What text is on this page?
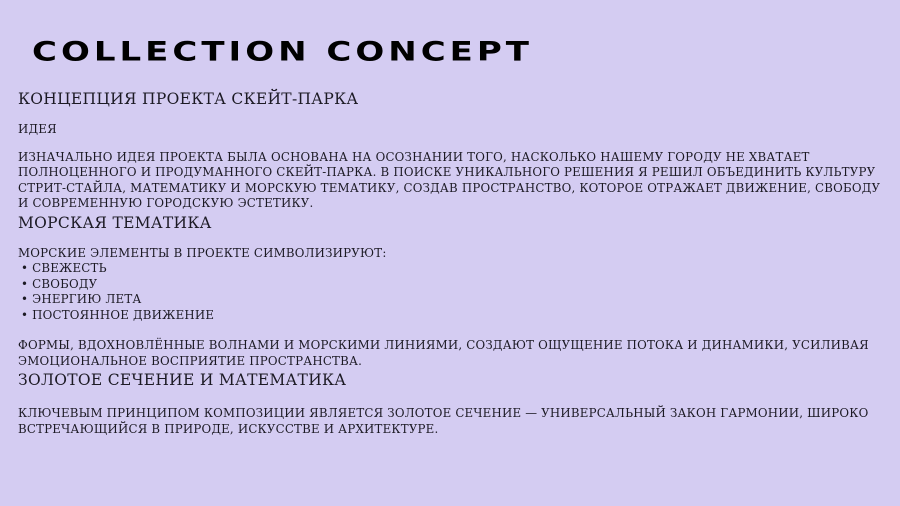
COLLECTION CONCEPT
КОНЦЕПЦИЯ ПРОЕКТА СКЕЙТ-ПАРКА

ИДЕЯ

ИЗНАЧАЛЬНО ИДЕЯ ПРОЕКТА БЫЛА ОСНОВАНА НА ОСОЗНАНИИ ТОГО, НАСКОЛЬКО НАШЕМУ ГОРОДУ НЕ ХВАТАЕТ ПОЛНОЦЕННОГО И ПРОДУМАННОГО СКЕЙТ-ПАРКА. В ПОИСКЕ УНИКАЛЬНОГО РЕШЕНИЯ Я РЕШИЛ ОБЪЕДИНИТЬ КУЛЬТУРУ СТРИТ-СТАЙЛА, МАТЕМАТИКУ И МОРСКУЮ ТЕМАТИКУ, СОЗДАВ ПРОСТРАНСТВО, КОТОРОЕ ОТРАЖАЕТ ДВИЖЕНИЕ, СВОБОДУ И СОВРЕМЕННУЮ ГОРОДСКУЮ ЭСТЕТИКУ.

МОРСКАЯ ТЕМАТИКА

МОРСКИЕ ЭЛЕМЕНТЫ В ПРОЕКТЕ СИМВОЛИЗИРУЮТ:

• СВЕЖЕСТЬ
• СВОБОДУ
• ЭНЕРГИЮ ЛЕТА
• ПОСТОЯННОЕ ДВИЖЕНИЕ

ФОРМЫ, ВДОХНОВЛЁННЫЕ ВОЛНАМИ И МОРСКИМИ ЛИНИЯМИ, СОЗДАЮТ ОЩУЩЕНИЕ ПОТОКА И ДИНАМИКИ, УСИЛИВАЯ ЭМОЦИОНАЛЬНОЕ ВОСПРИЯТИЕ ПРОСТРАНСТВА.

ЗОЛОТОЕ СЕЧЕНИЕ И МАТЕМАТИКА

КЛЮЧЕВЫМ ПРИНЦИПОМ КОМПОЗИЦИИ ЯВЛЯЕТСЯ ЗОЛОТОЕ СЕЧЕНИЕ — УНИВЕРСАЛЬНЫЙ ЗАКОН ГАРМОНИИ, ШИРОКО ВСТРЕЧАЮЩИЙСЯ В ПРИРОДЕ, ИСКУССТВЕ И АРХИТЕКТУРЕ.
